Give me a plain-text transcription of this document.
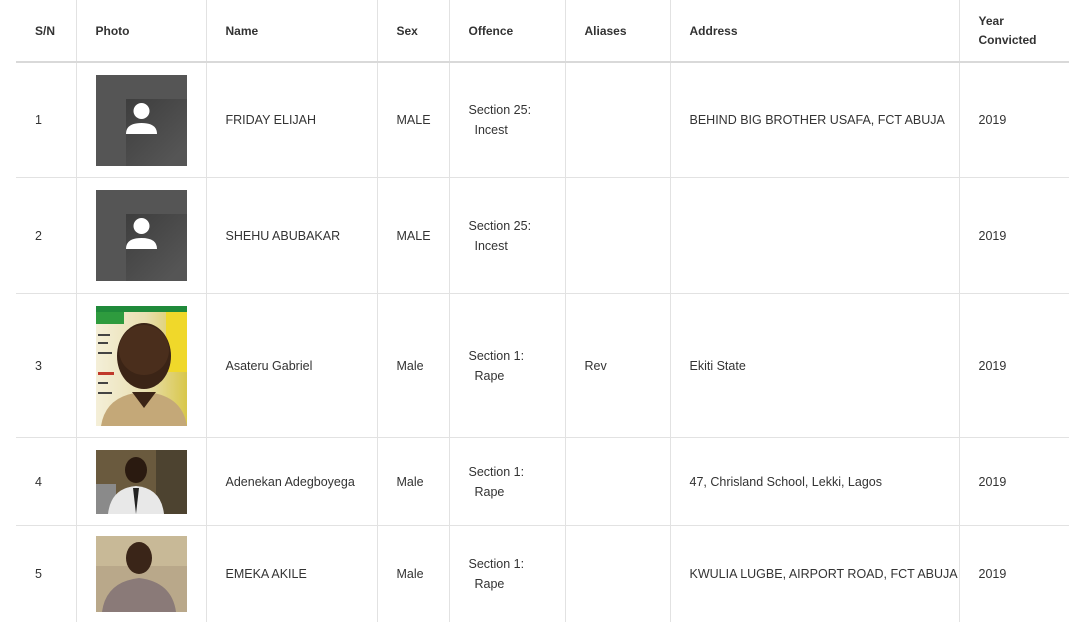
S/N	Photo	Name	Sex	Offence	Aliases	Address	Year
Convicted

1		FRIDAY ELIJAH	MALE	Section 25:
Incest		BEHIND BIG BROTHER USAFA, FCT ABUJA	2019
2		SHEHU ABUBAKAR	MALE	Section 25:
Incest			2019
3		Asateru Gabriel	Male	Section 1:
Rape	Rev	Ekiti State	2019
4		Adenekan Adegboyega	Male	Section 1:
Rape		47, Chrisland School, Lekki, Lagos	2019
5		EMEKA AKILE	Male	Section 1:
Rape		KWULIA LUGBE, AIRPORT ROAD, FCT ABUJA	2019
